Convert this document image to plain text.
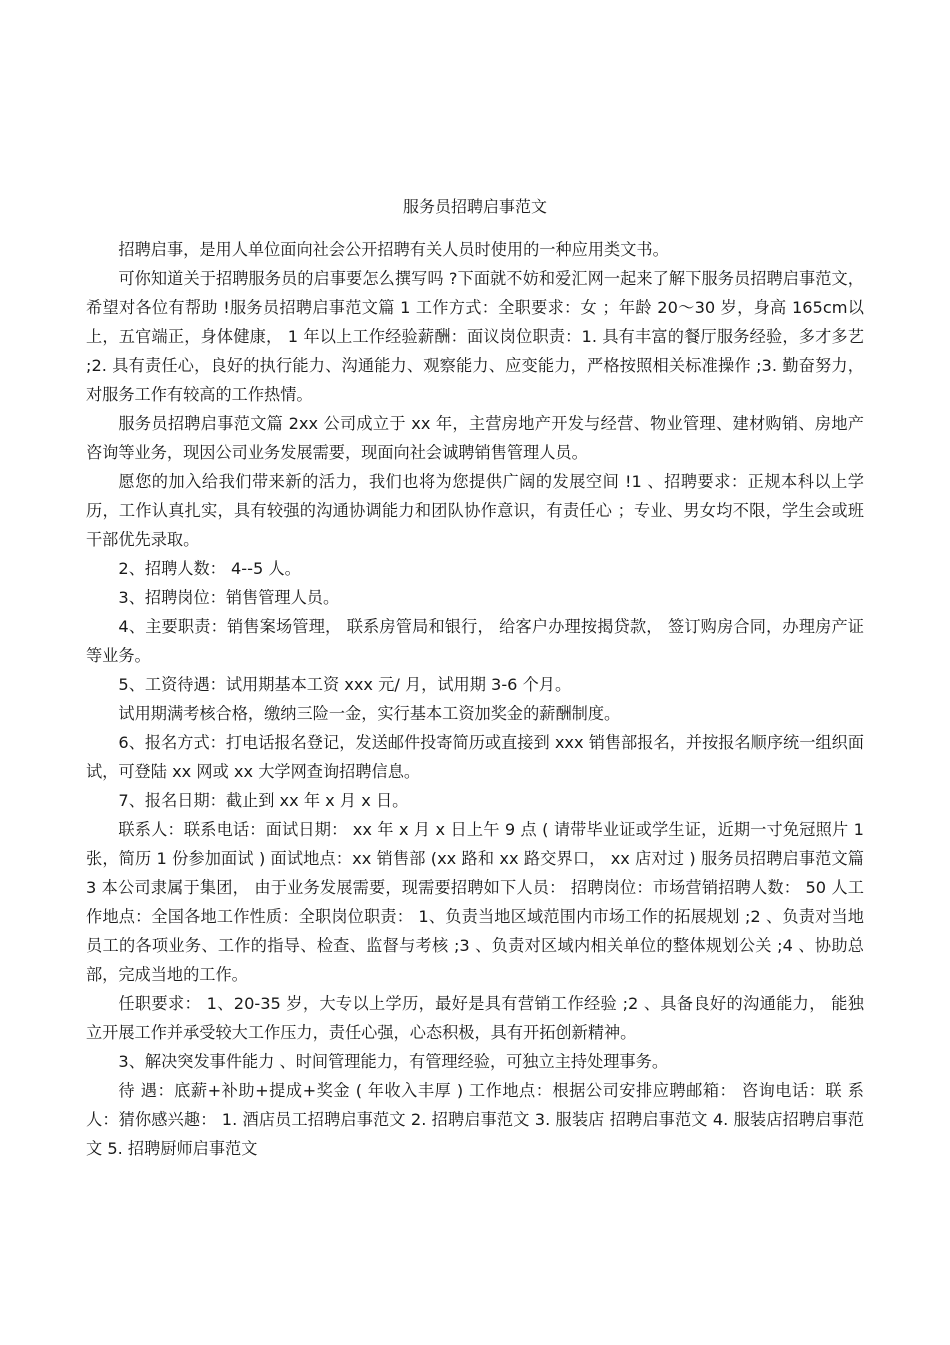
服务员招聘启事范文

招聘启事，是用人单位面向社会公开招聘有关人员时使用的一种应用类文书。

可你知道关于招聘服务员的启事要怎么撰写吗 ?下面就不妨和爱汇网一起来了解下服务员招聘启事范文，希望对各位有帮助 !服务员招聘启事范文篇 1 工作方式：全职要求：女 ；年龄 20～30 岁，身高 165cm以上，五官端正，身体健康， 1 年以上工作经验薪酬：面议岗位职责：1. 具有丰富的餐厅服务经验，多才多艺 ;2. 具有责任心，良好的执行能力、沟通能力、观察能力、应变能力，严格按照相关标准操作 ;3. 勤奋努力，对服务工作有较高的工作热情。

服务员招聘启事范文篇 2xx 公司成立于 xx 年，主营房地产开发与经营、物业管理、建材购销、房地产咨询等业务，现因公司业务发展需要，现面向社会诚聘销售管理人员。

愿您的加入给我们带来新的活力，我们也将为您提供广阔的发展空间 !1 、招聘要求：正规本科以上学历，工作认真扎实，具有较强的沟通协调能力和团队协作意识，有责任心 ；专业、男女均不限，学生会或班干部优先录取。

2、招聘人数： 4--5 人。

3、招聘岗位：销售管理人员。

4、主要职责：销售案场管理， 联系房管局和银行， 给客户办理按揭贷款， 签订购房合同，办理房产证等业务。

5、工资待遇：试用期基本工资 xxx 元/ 月，试用期 3-6 个月。

试用期满考核合格，缴纳三险一金，实行基本工资加奖金的薪酬制度。

6、报名方式：打电话报名登记，发送邮件投寄简历或直接到 xxx 销售部报名，并按报名顺序统一组织面试，可登陆 xx 网或 xx 大学网查询招聘信息。

7、报名日期：截止到 xx 年 x 月 x 日。

联系人：联系电话：面试日期： xx 年 x 月 x 日上午 9 点 ( 请带毕业证或学生证，近期一寸免冠照片 1 张，简历 1 份参加面试 ) 面试地点：xx 销售部 (xx 路和 xx 路交界口， xx 店对过 ) 服务员招聘启事范文篇 3 本公司隶属于集团， 由于业务发展需要，现需要招聘如下人员： 招聘岗位：市场营销招聘人数： 50 人工作地点：全国各地工作性质：全职岗位职责： 1、负责当地区域范围内市场工作的拓展规划 ;2 、负责对当地员工的各项业务、工作的指导、检查、监督与考核 ;3 、负责对区域内相关单位的整体规划公关 ;4 、协助总部，完成当地的工作。

任职要求： 1、20-35 岁，大专以上学历，最好是具有营销工作经验 ;2 、具备良好的沟通能力， 能独立开展工作并承受较大工作压力，责任心强，心态积极，具有开拓创新精神。

3、解决突发事件能力 、时间管理能力，有管理经验，可独立主持处理事务。

待 遇：底薪+补助+提成+奖金 ( 年收入丰厚 ) 工作地点：根据公司安排应聘邮箱： 咨询电话：联 系 人：猜你感兴趣： 1. 酒店员工招聘启事范文 2. 招聘启事范文 3. 服装店 招聘启事范文 4. 服装店招聘启事范文 5. 招聘厨师启事范文
